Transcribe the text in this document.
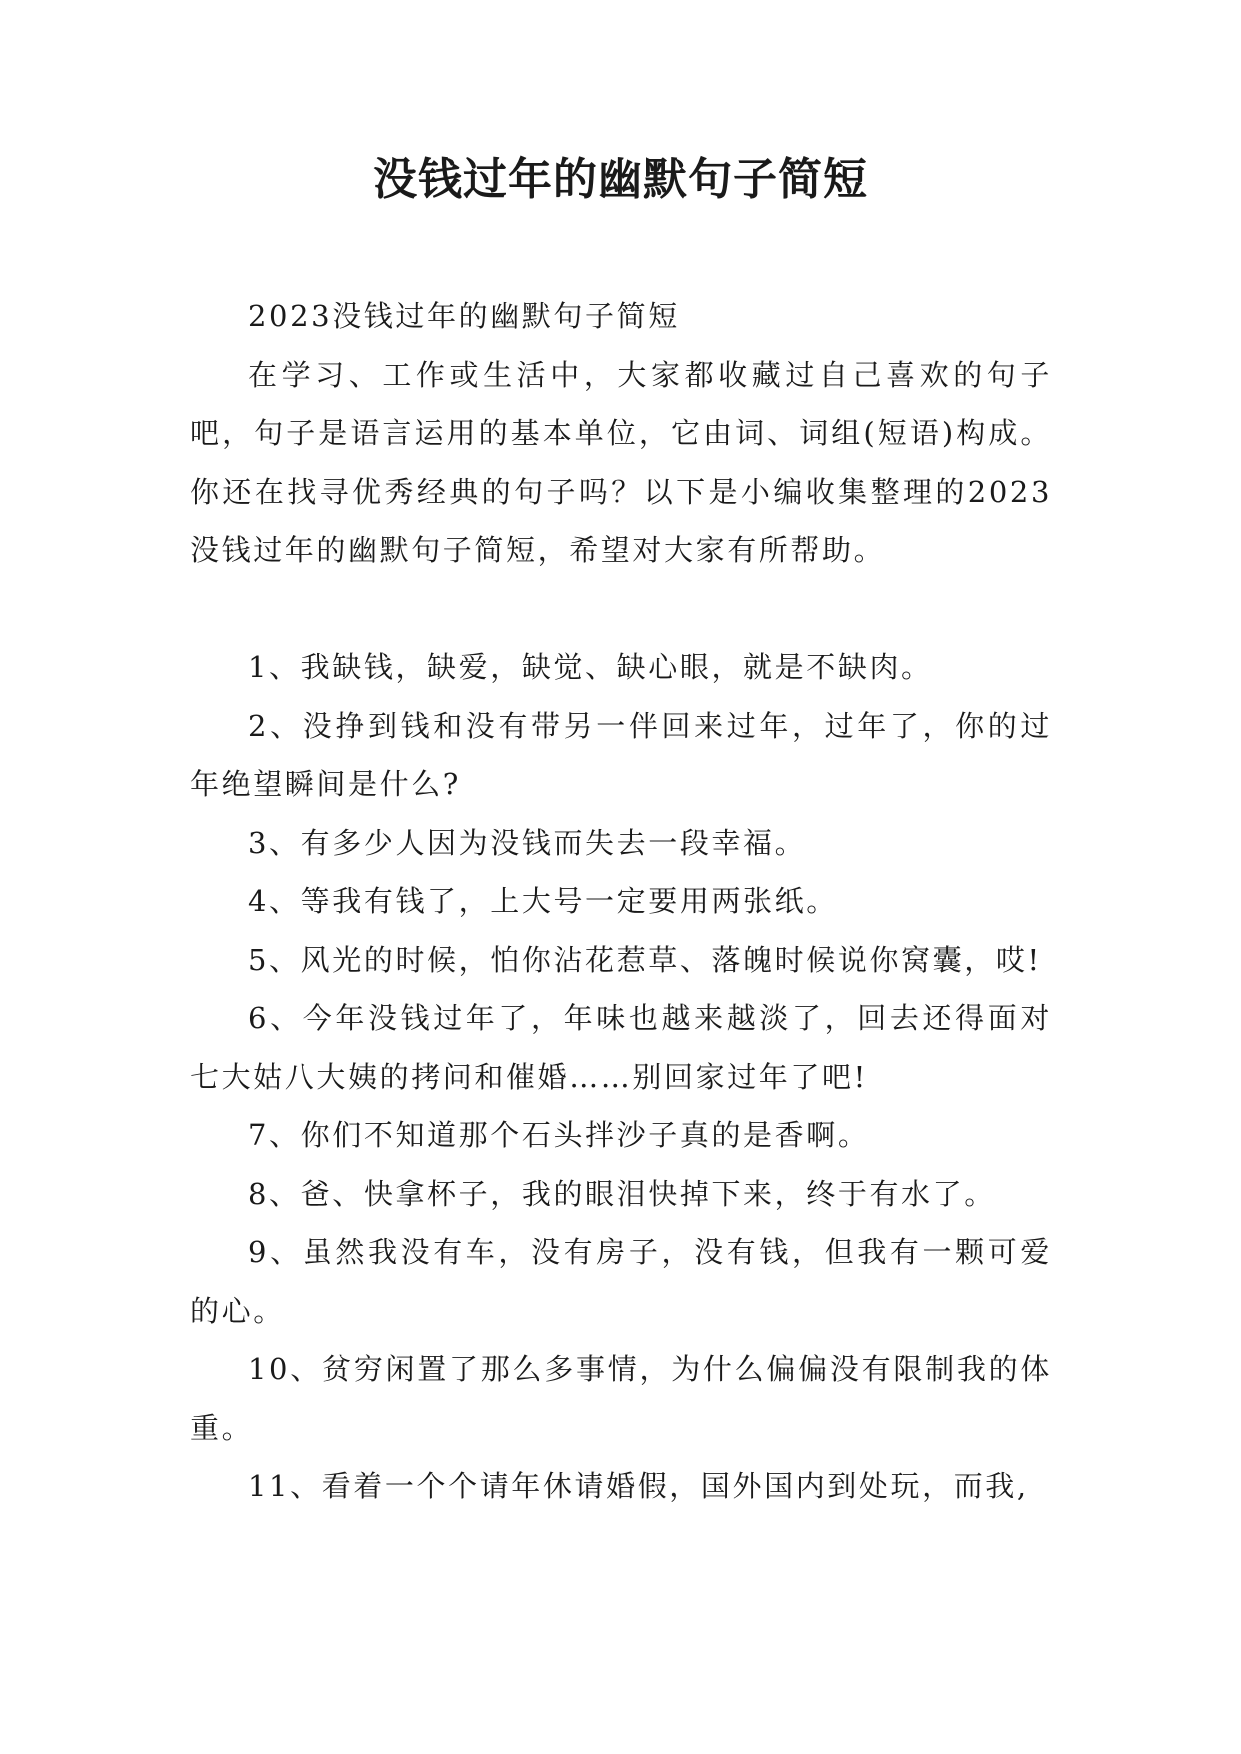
没钱过年的幽默句子简短

2023没钱过年的幽默句子简短

在学习、工作或生活中，大家都收藏过自己喜欢的句子吧，句子是语言运用的基本单位，它由词、词组(短语)构成。你还在找寻优秀经典的句子吗？以下是小编收集整理的2023没钱过年的幽默句子简短，希望对大家有所帮助。

1、我缺钱，缺爱，缺觉、缺心眼，就是不缺肉。

2、没挣到钱和没有带另一伴回来过年，过年了，你的过年绝望瞬间是什么?

3、有多少人因为没钱而失去一段幸福。

4、等我有钱了，上大号一定要用两张纸。

5、风光的时候，怕你沾花惹草、落魄时候说你窝囊，哎!

6、今年没钱过年了，年味也越来越淡了，回去还得面对七大姑八大姨的拷问和催婚……别回家过年了吧!

7、你们不知道那个石头拌沙子真的是香啊。

8、爸、快拿杯子，我的眼泪快掉下来，终于有水了。

9、虽然我没有车，没有房子，没有钱，但我有一颗可爱的心。

10、贫穷闲置了那么多事情，为什么偏偏没有限制我的体重。

11、看着一个个请年休请婚假，国外国内到处玩，而我,
